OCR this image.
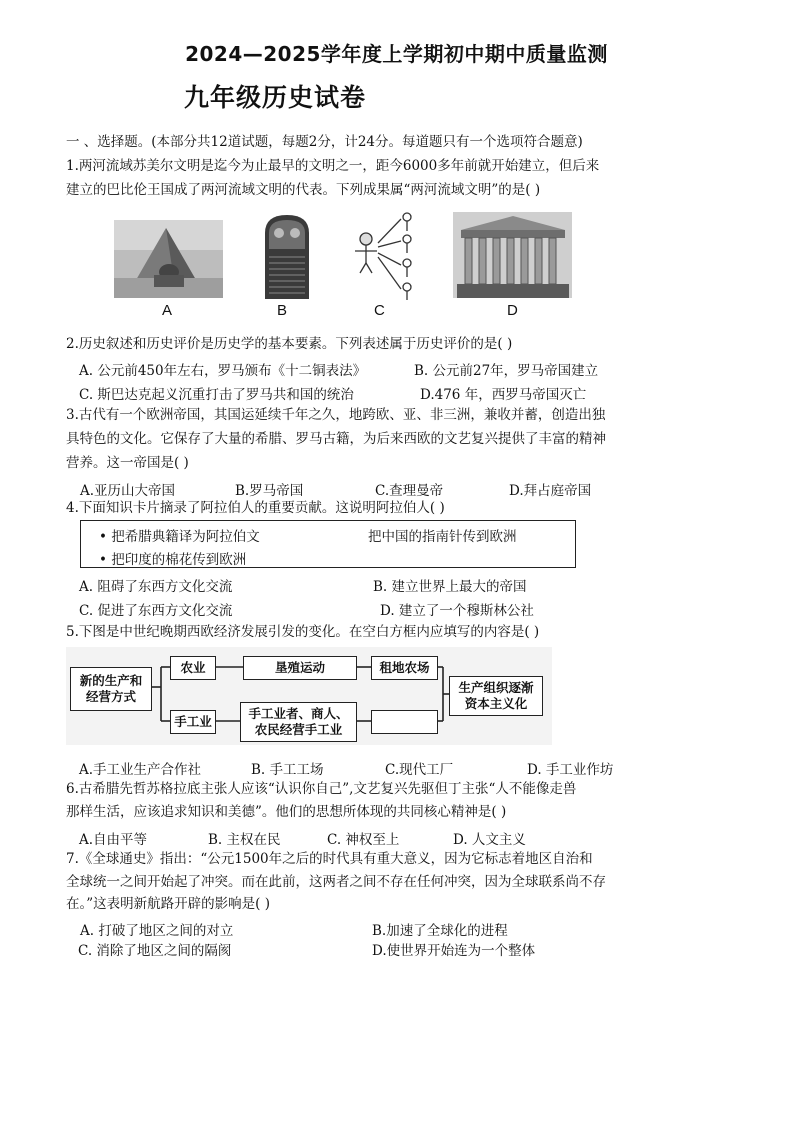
2024—2025学年度上学期初中期中质量监测
九年级历史试卷
一 、选择题。(本部分共12道试题，每题2分，计24分。每道题只有一个选项符合题意)
1.两河流域苏美尔文明是迄今为止最早的文明之一，距今6000多年前就开始建立，但后来
建立的巴比伦王国成了两河流域文明的代表。下列成果属“两河流域文明”的是( )
A	B	C	D
2.历史叙述和历史评价是历史学的基本要素。下列表述属于历史评价的是( )
A. 公元前450年左右，罗马颁布《十二铜表法》	B. 公元前27年，罗马帝国建立
C. 斯巴达克起义沉重打击了罗马共和国的统治	D.476 年，西罗马帝国灭亡
3.古代有一个欧洲帝国，其国运延续千年之久，地跨欧、亚、非三洲，兼收并蓄，创造出独
具特色的文化。它保存了大量的希腊、罗马古籍，为后来西欧的文艺复兴提供了丰富的精神
营养。这一帝国是( )
A.亚历山大帝国	B.罗马帝国	C.查理曼帝	D.拜占庭帝国
4.下面知识卡片摘录了阿拉伯人的重要贡献。这说明阿拉伯人( )
• 把希腊典籍译为阿拉伯文	把中国的指南针传到欧洲
• 把印度的棉花传到欧洲
A. 阻碍了东西方文化交流	B. 建立世界上最大的帝国
C. 促进了东西方文化交流	D. 建立了一个穆斯林公社
5.下图是中世纪晚期西欧经济发展引发的变化。在空白方框内应填写的内容是( )
新的生产和
经营方式
农业	垦殖运动	租地农场
手工业
手工业者、商人、
农民经营手工业
生产组织逐渐
资本主义化
A.手工业生产合作社	B. 手工工场	C.现代工厂	D. 手工业作坊
6.古希腊先哲苏格拉底主张人应该“认识你自己”,文艺复兴先驱但丁主张“人不能像走兽
那样生活，应该追求知识和美德”。他们的思想所体现的共同核心精神是( )
A.自由平等	B. 主权在民	C. 神权至上	D. 人文主义
7.《全球通史》指出：“公元1500年之后的时代具有重大意义，因为它标志着地区自治和
全球统一之间开始起了冲突。而在此前，这两者之间不存在任何冲突，因为全球联系尚不存
在。”这表明新航路开辟的影响是( )
A. 打破了地区之间的对立	B.加速了全球化的进程
C. 消除了地区之间的隔阂	D.使世界开始连为一个整体
